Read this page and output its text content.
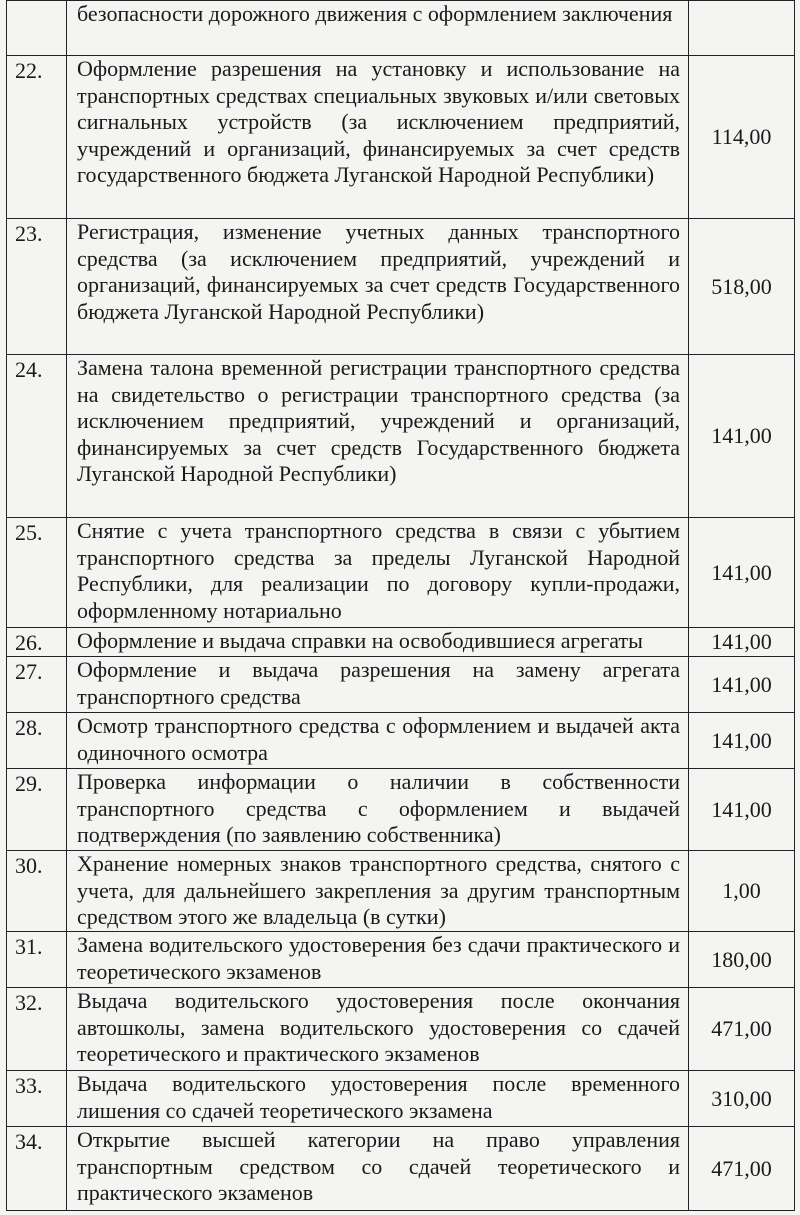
	безопасности дорожного движения с оформлением заключения	
22.	Оформление разрешения на установку и использование на транспортных средствах специальных звуковых и/или световых сигнальных устройств (за исключением предприятий, учреждений и организаций, финансируемых за счет средств государственного бюджета Луганской Народной Республики)	114,00
23.	Регистрация, изменение учетных данных транспортного средства (за исключением предприятий, учреждений и организаций, финансируемых за счет средств Государственного бюджета Луганской Народной Республики)	518,00
24.	Замена талона временной регистрации транспортного средства на свидетельство о регистрации транспортного средства (за исключением предприятий, учреждений и организаций, финансируемых за счет средств Государственного бюджета Луганской Народной Республики)	141,00
25.	Снятие с учета транспортного средства в связи с убытием транспортного средства за пределы Луганской Народной Республики, для реализации по договору купли-продажи, оформленному нотариально	141,00
26.	Оформление и выдача справки на освободившиеся агрегаты	141,00
27.	Оформление и выдача разрешения на замену агрегата транспортного средства	141,00
28.	Осмотр транспортного средства с оформлением и выдачей акта одиночного осмотра	141,00
29.	Проверка информации о наличии в собственности транспортного средства с оформлением и выдачей подтверждения (по заявлению собственника)	141,00
30.	Хранение номерных знаков транспортного средства, снятого с учета, для дальнейшего закрепления за другим транспортным средством этого же владельца (в сутки)	1,00
31.	Замена водительского удостоверения без сдачи практического и теоретического экзаменов	180,00
32.	Выдача водительского удостоверения после окончания автошколы, замена водительского удостоверения со сдачей теоретического и практического экзаменов	471,00
33.	Выдача водительского удостоверения после временного лишения со сдачей теоретического экзамена	310,00
34.	Открытие высшей категории на право управления транспортным средством со сдачей теоретического и практического экзаменов	471,00
